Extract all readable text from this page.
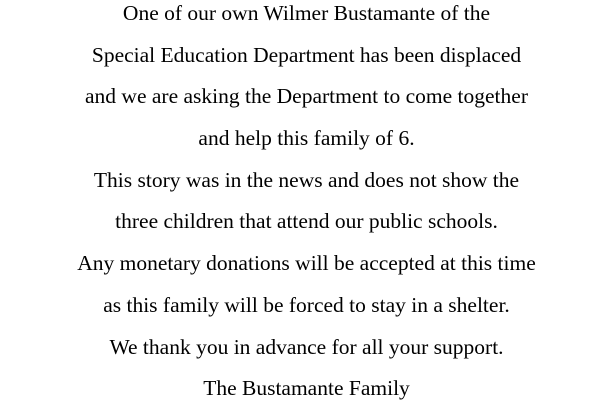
One of our own Wilmer Bustamante of the

Special Education Department has been displaced

and we are asking the Department to come together

and help this family of 6.

This story was in the news and does not show the

three children that attend our public schools.

Any monetary donations will be accepted at this time

as this family will be forced to stay in a shelter.

We thank you in advance for all your support.

The Bustamante Family
